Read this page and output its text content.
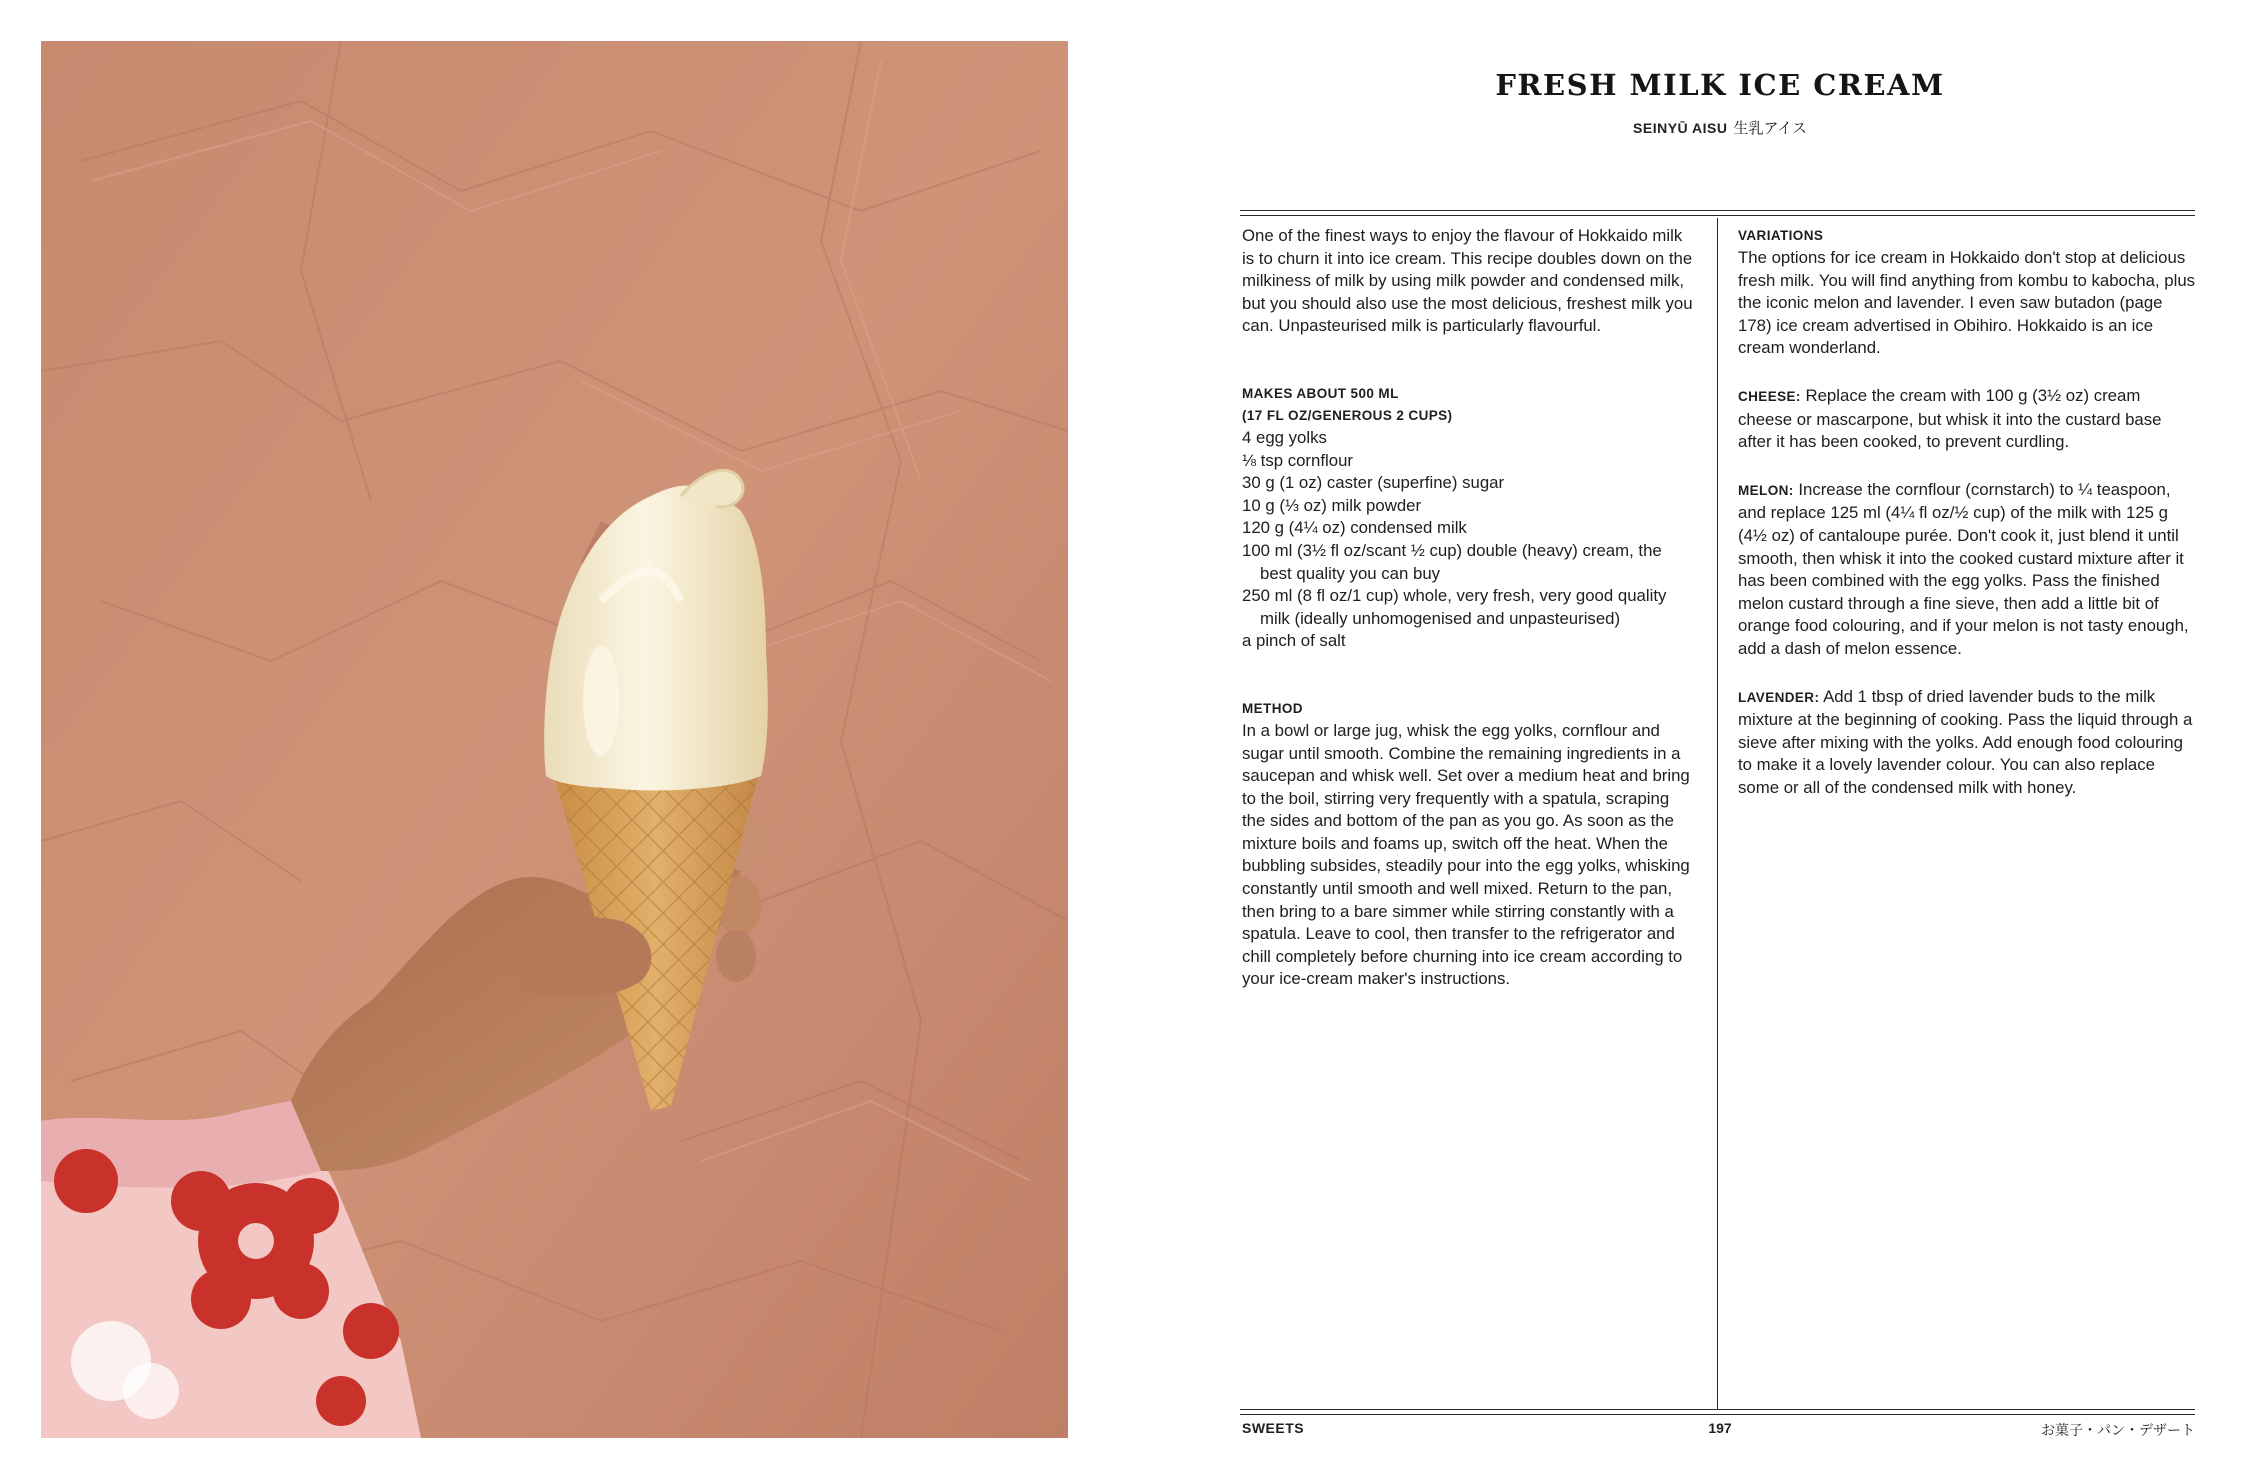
FRESH MILK ICE CREAM
SEINYŪ AISU 生乳アイス

One of the finest ways to enjoy the flavour of Hokkaido milk is to churn it into ice cream. This recipe doubles down on the milkiness of milk by using milk powder and condensed milk, but you should also use the most delicious, freshest milk you can. Unpasteurised milk is particularly flavourful.

MAKES ABOUT 500 ML
(17 FL OZ/GENEROUS 2 CUPS)
4 egg yolks
⅛ tsp cornflour
30 g (1 oz) caster (superfine) sugar
10 g (⅓ oz) milk powder
120 g (4¼ oz) condensed milk
100 ml (3½ fl oz/scant ½ cup) double (heavy) cream, the best quality you can buy
250 ml (8 fl oz/1 cup) whole, very fresh, very good quality milk (ideally unhomogenised and unpasteurised)
a pinch of salt
METHOD

In a bowl or large jug, whisk the egg yolks, cornflour and sugar until smooth. Combine the remaining ingredients in a saucepan and whisk well. Set over a medium heat and bring to the boil, stirring very frequently with a spatula, scraping the sides and bottom of the pan as you go. As soon as the mixture boils and foams up, switch off the heat. When the bubbling subsides, steadily pour into the egg yolks, whisking constantly until smooth and well mixed. Return to the pan, then bring to a bare simmer while stirring constantly with a spatula. Leave to cool, then transfer to the refrigerator and chill completely before churning into ice cream according to your ice-cream maker's instructions.

VARIATIONS

The options for ice cream in Hokkaido don't stop at delicious fresh milk. You will find anything from kombu to kabocha, plus the iconic melon and lavender. I even saw butadon (page 178) ice cream advertised in Obihiro. Hokkaido is an ice cream wonderland.

CHEESE: Replace the cream with 100 g (3½ oz) cream cheese or mascarpone, but whisk it into the custard base after it has been cooked, to prevent curdling.

MELON: Increase the cornflour (cornstarch) to ¼ teaspoon, and replace 125 ml (4¼ fl oz/½ cup) of the milk with 125 g (4½ oz) of cantaloupe purée. Don't cook it, just blend it until smooth, then whisk it into the cooked custard mixture after it has been combined with the egg yolks. Pass the finished melon custard through a fine sieve, then add a little bit of orange food colouring, and if your melon is not tasty enough, add a dash of melon essence.

LAVENDER: Add 1 tbsp of dried lavender buds to the milk mixture at the beginning of cooking. Pass the liquid through a sieve after mixing with the yolks. Add enough food colouring to make it a lovely lavender colour. You can also replace some or all of the condensed milk with honey.

SWEETS	197	お菓子・パン・デザート
